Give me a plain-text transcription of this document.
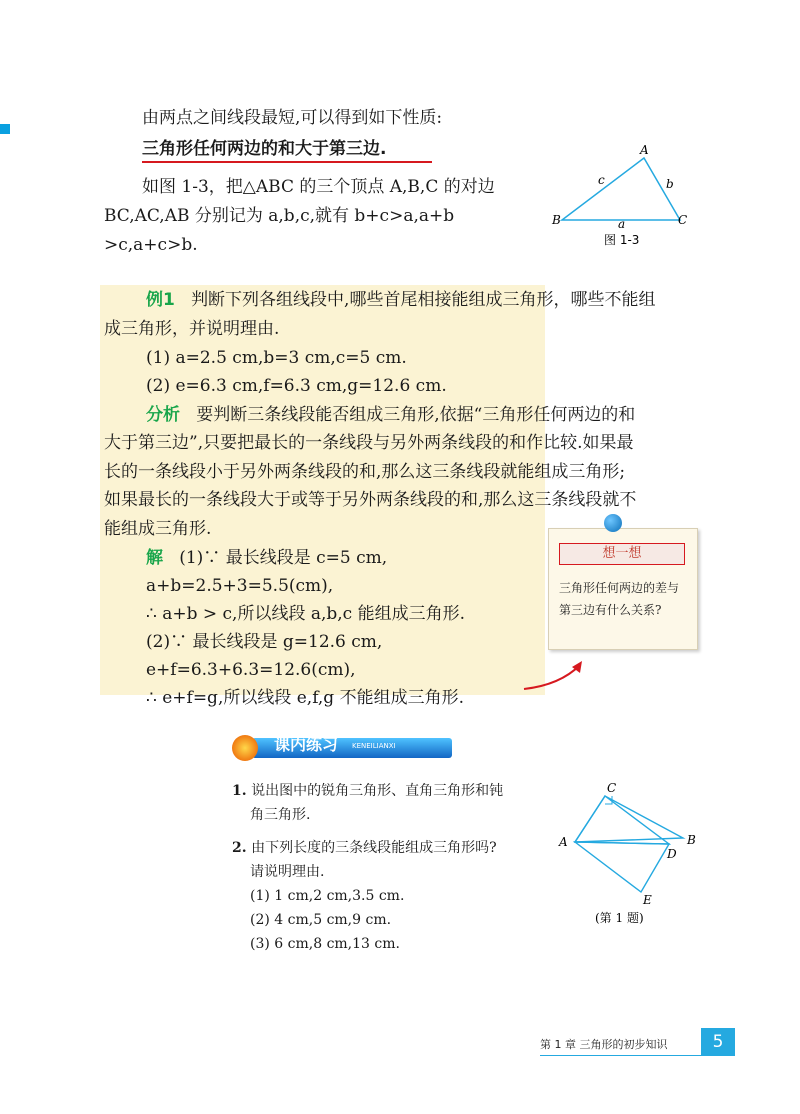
由两点之间线段最短,可以得到如下性质:
三角形任何两边的和大于第三边.
如图 1-3，把△ABC 的三个顶点 A,B,C 的对边
BC,AC,AB 分别记为 a,b,c,就有 b+c>a,a+b
>c,a+c>b.
A
B	C
a
b
c
图 1-3
例1 判断下列各组线段中,哪些首尾相接能组成三角形，哪些不能组
成三角形，并说明理由.
(1) a=2.5 cm,b=3 cm,c=5 cm.
(2) e=6.3 cm,f=6.3 cm,g=12.6 cm.
分析 要判断三条线段能否组成三角形,依据“三角形任何两边的和
大于第三边”,只要把最长的一条线段与另外两条线段的和作比较.如果最
长的一条线段小于另外两条线段的和,那么这三条线段就能组成三角形;
如果最长的一条线段大于或等于另外两条线段的和,那么这三条线段就不
能组成三角形.
解 (1)∵ 最长线段是 c=5 cm,
a+b=2.5+3=5.5(cm),
∴ a+b > c,所以线段 a,b,c 能组成三角形.
(2)∵ 最长线段是 g=12.6 cm,
e+f=6.3+6.3=12.6(cm),
∴ e+f=g,所以线段 e,f,g 不能组成三角形.
想一想
三角形任何两边的差与第三边有什么关系?
课内练习 KENEILIANXI
1. 说出图中的锐角三角形、直角三角形和钝
角三角形.
2. 由下列长度的三条线段能组成三角形吗?
请说明理由.
(1) 1 cm,2 cm,3.5 cm.
(2) 4 cm,5 cm,9 cm.
(3) 6 cm,8 cm,13 cm.
C
A	B
D
E
(第 1 题)
第 1 章 三角形的初步知识	5
